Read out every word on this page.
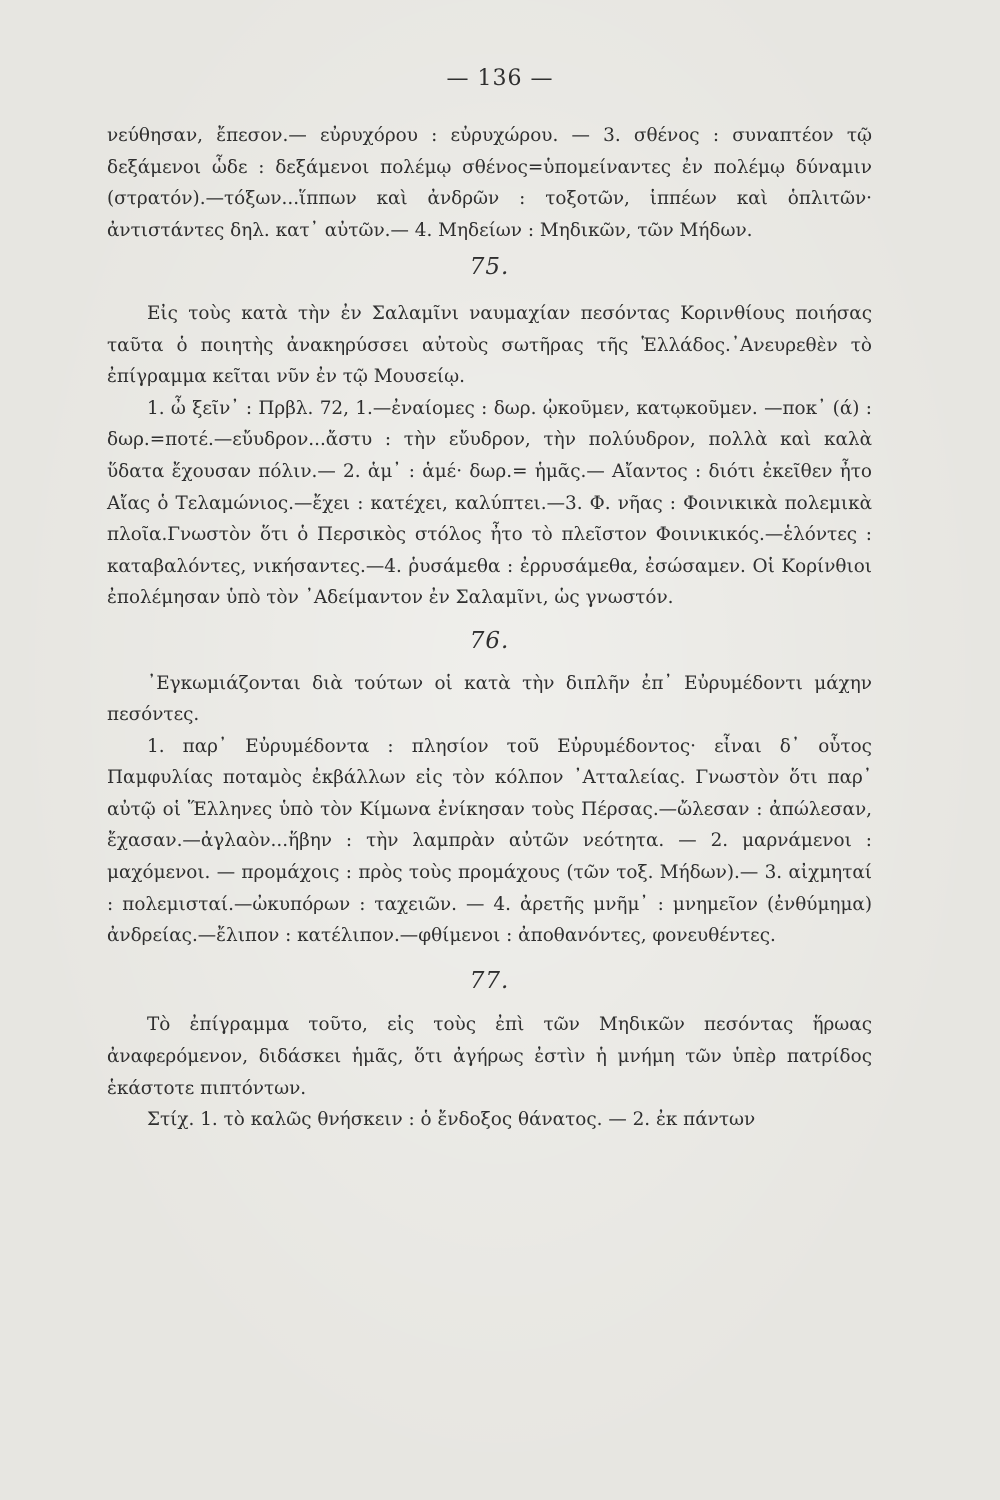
— 136 —

νεύθησαν, ἔπεσον.— εὐρυχόρου : εὐρυχώρου. — 3. σθένος : συναπτέον τῷ δεξάμενοι ὧδε : δεξάμενοι πολέμῳ σθένος=ὑπομείναντες ἐν πολέμῳ δύναμιν (στρατόν).—τόξων...ἵππων καὶ ἀνδρῶν : τοξοτῶν, ἱππέων καὶ ὁπλιτῶν· ἀντιστάντες δηλ. κατ᾽ αὐτῶν.— 4. Μηδείων : Μηδικῶν, τῶν Μήδων.

75.

Εἰς τοὺς κατὰ τὴν ἐν Σαλαμῖνι ναυμαχίαν πεσόντας Κορινθίους ποιήσας ταῦτα ὁ ποιητὴς ἀνακηρύσσει αὐτοὺς σωτῆρας τῆς Ἑλλάδος.᾽Ανευρεθὲν τὸ ἐπίγραμμα κεῖται νῦν ἐν τῷ Μουσείῳ.

1. ὦ ξεῖν᾽ : Πρβλ. 72, 1.—ἐναίομες : δωρ. ᾠκοῦμεν, κατῳκοῦμεν. —ποκ᾽ (ά) : δωρ.=ποτέ.—εὔυδρον...ἄστυ : τὴν εὔυδρον, τὴν πολύυδρον, πολλὰ καὶ καλὰ ὕδατα ἔχουσαν πόλιν.— 2. ἁμ᾽ : ἁμέ· δωρ.= ἡμᾶς.— Αἴαντος : διότι ἐκεῖθεν ἦτο Αἴας ὁ Τελαμώνιος.—ἔχει : κατέχει, καλύπτει.—3. Φ. νῆας : Φοινικικὰ πολεμικὰ πλοῖα.Γνωστὸν ὅτι ὁ Περσικὸς στόλος ἦτο τὸ πλεῖστον Φοινικικός.—ἑλόντες : καταβαλόντες, νικήσαντες.—4. ῥυσάμεθα : ἐρρυσάμεθα, ἐσώσαμεν. Οἱ Κορίνθιοι ἐπολέμησαν ὑπὸ τὸν ᾽Αδείμαντον ἐν Σαλαμῖνι, ὡς γνωστόν.

76.

᾽Εγκωμιάζονται διὰ τούτων οἱ κατὰ τὴν διπλῆν ἐπ᾽ Εὐρυμέδοντι μάχην πεσόντες.

1. παρ᾽ Εὐρυμέδοντα : πλησίον τοῦ Εὐρυμέδοντος· εἶναι δ᾽ οὗτος Παμφυλίας ποταμὸς ἐκβάλλων εἰς τὸν κόλπον ᾽Ατταλείας. Γνωστὸν ὅτι παρ᾽ αὐτῷ οἱ Ἕλληνες ὑπὸ τὸν Κίμωνα ἐνίκησαν τοὺς Πέρσας.—ὤλεσαν : ἀπώλεσαν, ἔχασαν.—ἀγλαὸν...ἥβην : τὴν λαμπρὰν αὐτῶν νεότητα. — 2. μαρνάμενοι : μαχόμενοι. — προμάχοις : πρὸς τοὺς προμάχους (τῶν τοξ. Μήδων).— 3. αἰχμηταί : πολεμισταί.—ὠκυπόρων : ταχειῶν. — 4. ἀρετῆς μνῆμ᾽ : μνημεῖον (ἐνθύμημα) ἀνδρείας.—ἔλιπον : κατέλιπον.—φθίμενοι : ἀποθανόντες, φονευθέντες.

77.

Τὸ ἐπίγραμμα τοῦτο, εἰς τοὺς ἐπὶ τῶν Μηδικῶν πεσόντας ἥρωας ἀναφερόμενον, διδάσκει ἡμᾶς, ὅτι ἀγήρως ἐστὶν ἡ μνήμη τῶν ὑπὲρ πατρίδος ἑκάστοτε πιπτόντων.

Στίχ. 1. τὸ καλῶς θνήσκειν : ὁ ἔνδοξος θάνατος. — 2. ἐκ πάντων
